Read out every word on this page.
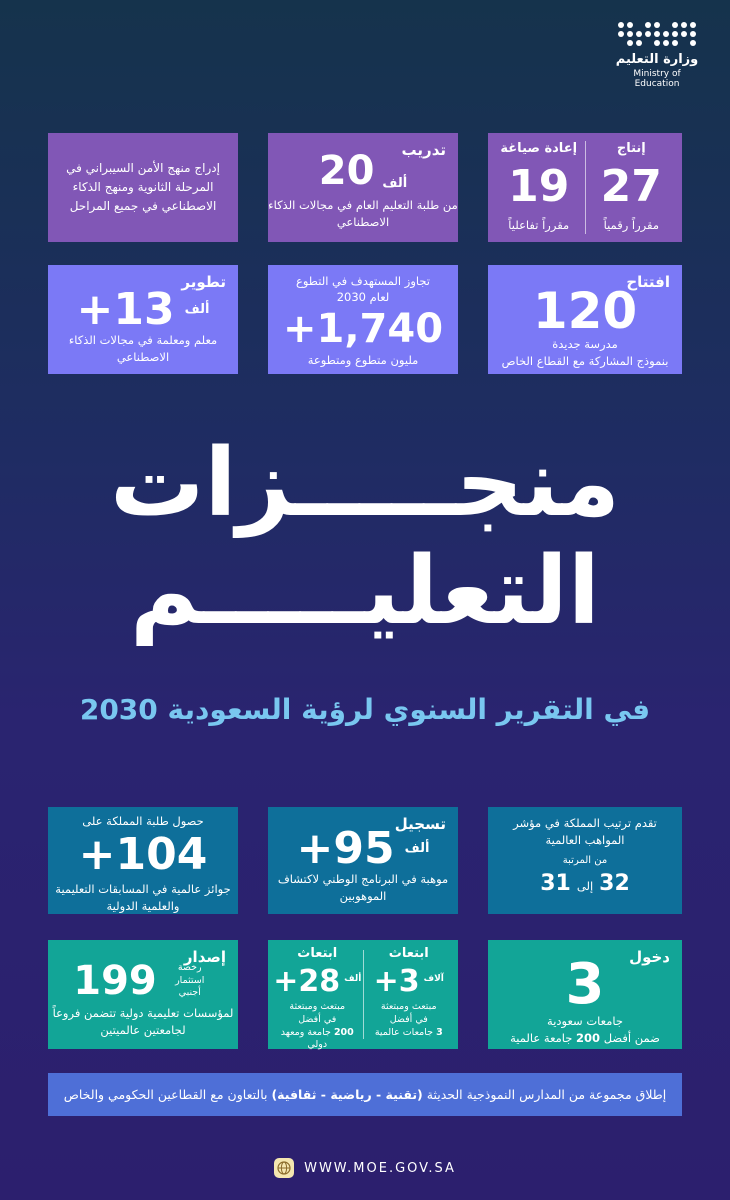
وزارة التعليم
Ministry of Education
إدراج منهج الأمن السيبراني في المرحلة الثانوية ومنهج الذكاء الاصطناعي في جميع المراحل
تدريب
ألف
20
من طلبة التعليم العام في مجالات الذكاء الاصطناعي
إنتاج
27
مقرراً رقمياً
إعادة صياغة
19
مقرراً تفاعلياً
تطوير
ألف
+13
معلم ومعلمة في مجالات الذكاء الاصطناعي
تجاوز المستهدف في التطوع
لعام 2030
+1,740
مليون متطوع ومتطوعة
افتتاح
120
مدرسة جديدة
بنموذج المشاركة مع القطاع الخاص
منجـــــزات
التعليـــــم
في التقرير السنوي لرؤية السعودية 2030
تقدم ترتيب المملكة في مؤشر المواهب العالمية
من المرتبة
32
إلى
31
تسجيل
ألف
+95
موهبة في البرنامج الوطني لاكتشاف الموهوبين
حصول طلبة المملكة على
+104
جوائز عالمية في المسابقات التعليمية والعلمية الدولية
دخول
3
جامعات سعودية
ضمن أفضل 200 جامعة عالمية
ابتعاث
آلاف
+3
مبتعث ومبتعثة
في أفضل
3 جامعات عالمية
ابتعاث
ألف
+28
مبتعث ومبتعثة
في أفضل
200 جامعة ومعهد دولي
إصدار
رخصة استثمار أجنبي
199
لمؤسسات تعليمية دولية تتضمن فروعاً لجامعتين عالميتين
إطلاق مجموعة من المدارس النموذجية الحديثة

(تقنية - رياضية - ثقافية)

بالتعاون مع القطاعين الحكومي والخاص
WWW.MOE.GOV.SA
